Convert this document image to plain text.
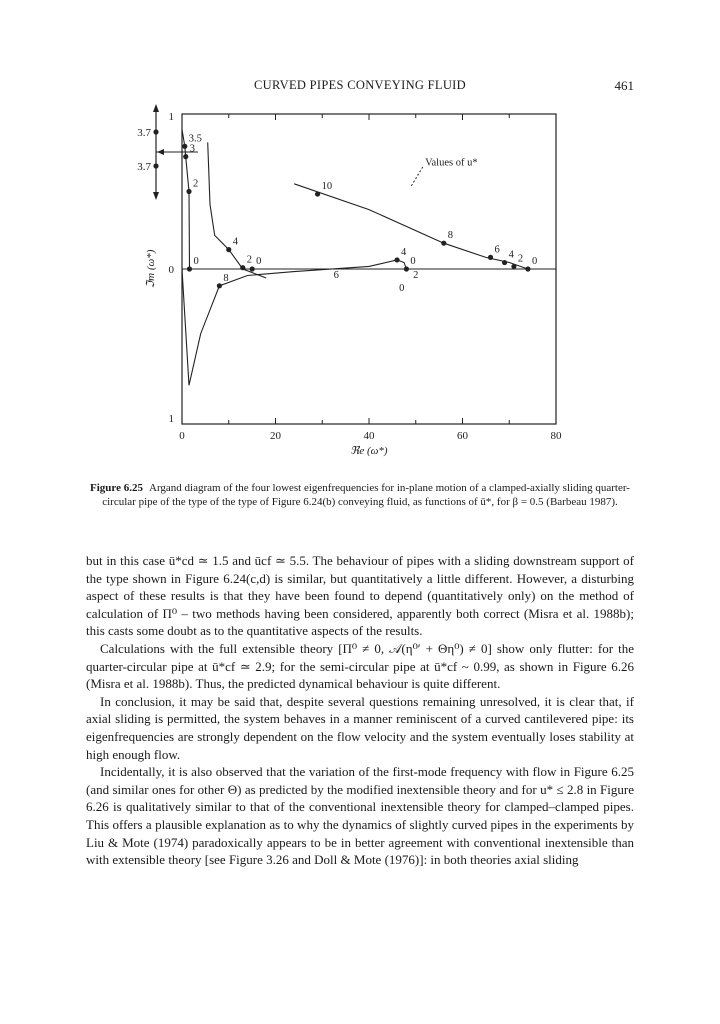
CURVED PIPES CONVEYING FLUID	461
0	20	40	60	80
1
0
1
ℜe (ω*)
ℑm (ω*)
3.7
3.7
8
4
0
4
2 0
3.5
3
2
0
10
8
6 4 2 0
6	2
0
Values of u*
Figure 6.25 Argand diagram of the four lowest eigenfrequencies for in-plane motion of a clamped-axially sliding quarter-circular pipe of the type of the type of Figure 6.24(b) conveying fluid, as functions of ū*, for β = 0.5 (Barbeau 1987).

but in this case ū*cd ≃ 1.5 and ūcf ≃ 5.5. The behaviour of pipes with a sliding downstream support of the type shown in Figure 6.24(c,d) is similar, but quantitatively a little different. However, a disturbing aspect of these results is that they have been found to depend (quantitatively only) on the method of calculation of Π⁰ – two methods having been considered, apparently both correct (Misra et al. 1988b); this casts some doubt as to the quantitative aspects of the results.

Calculations with the full extensible theory [Π⁰ ≠ 0, 𝒜(η⁰′ + Θη⁰) ≠ 0] show only flutter: for the quarter-circular pipe at ū*cf ≃ 2.9; for the semi-circular pipe at ū*cf ~ 0.99, as shown in Figure 6.26 (Misra et al. 1988b). Thus, the predicted dynamical behaviour is quite different.

In conclusion, it may be said that, despite several questions remaining unresolved, it is clear that, if axial sliding is permitted, the system behaves in a manner reminiscent of a curved cantilevered pipe: its eigenfrequencies are strongly dependent on the flow velocity and the system eventually loses stability at high enough flow.

Incidentally, it is also observed that the variation of the first-mode frequency with flow in Figure 6.25 (and similar ones for other Θ) as predicted by the modified inextensible theory and for u* ≤ 2.8 in Figure 6.26 is qualitatively similar to that of the conventional inextensible theory for clamped–clamped pipes. This offers a plausible explanation as to why the dynamics of slightly curved pipes in the experiments by Liu & Mote (1974) paradoxically appears to be in better agreement with conventional inextensible than with extensible theory [see Figure 3.26 and Doll & Mote (1976)]: in both theories axial sliding
